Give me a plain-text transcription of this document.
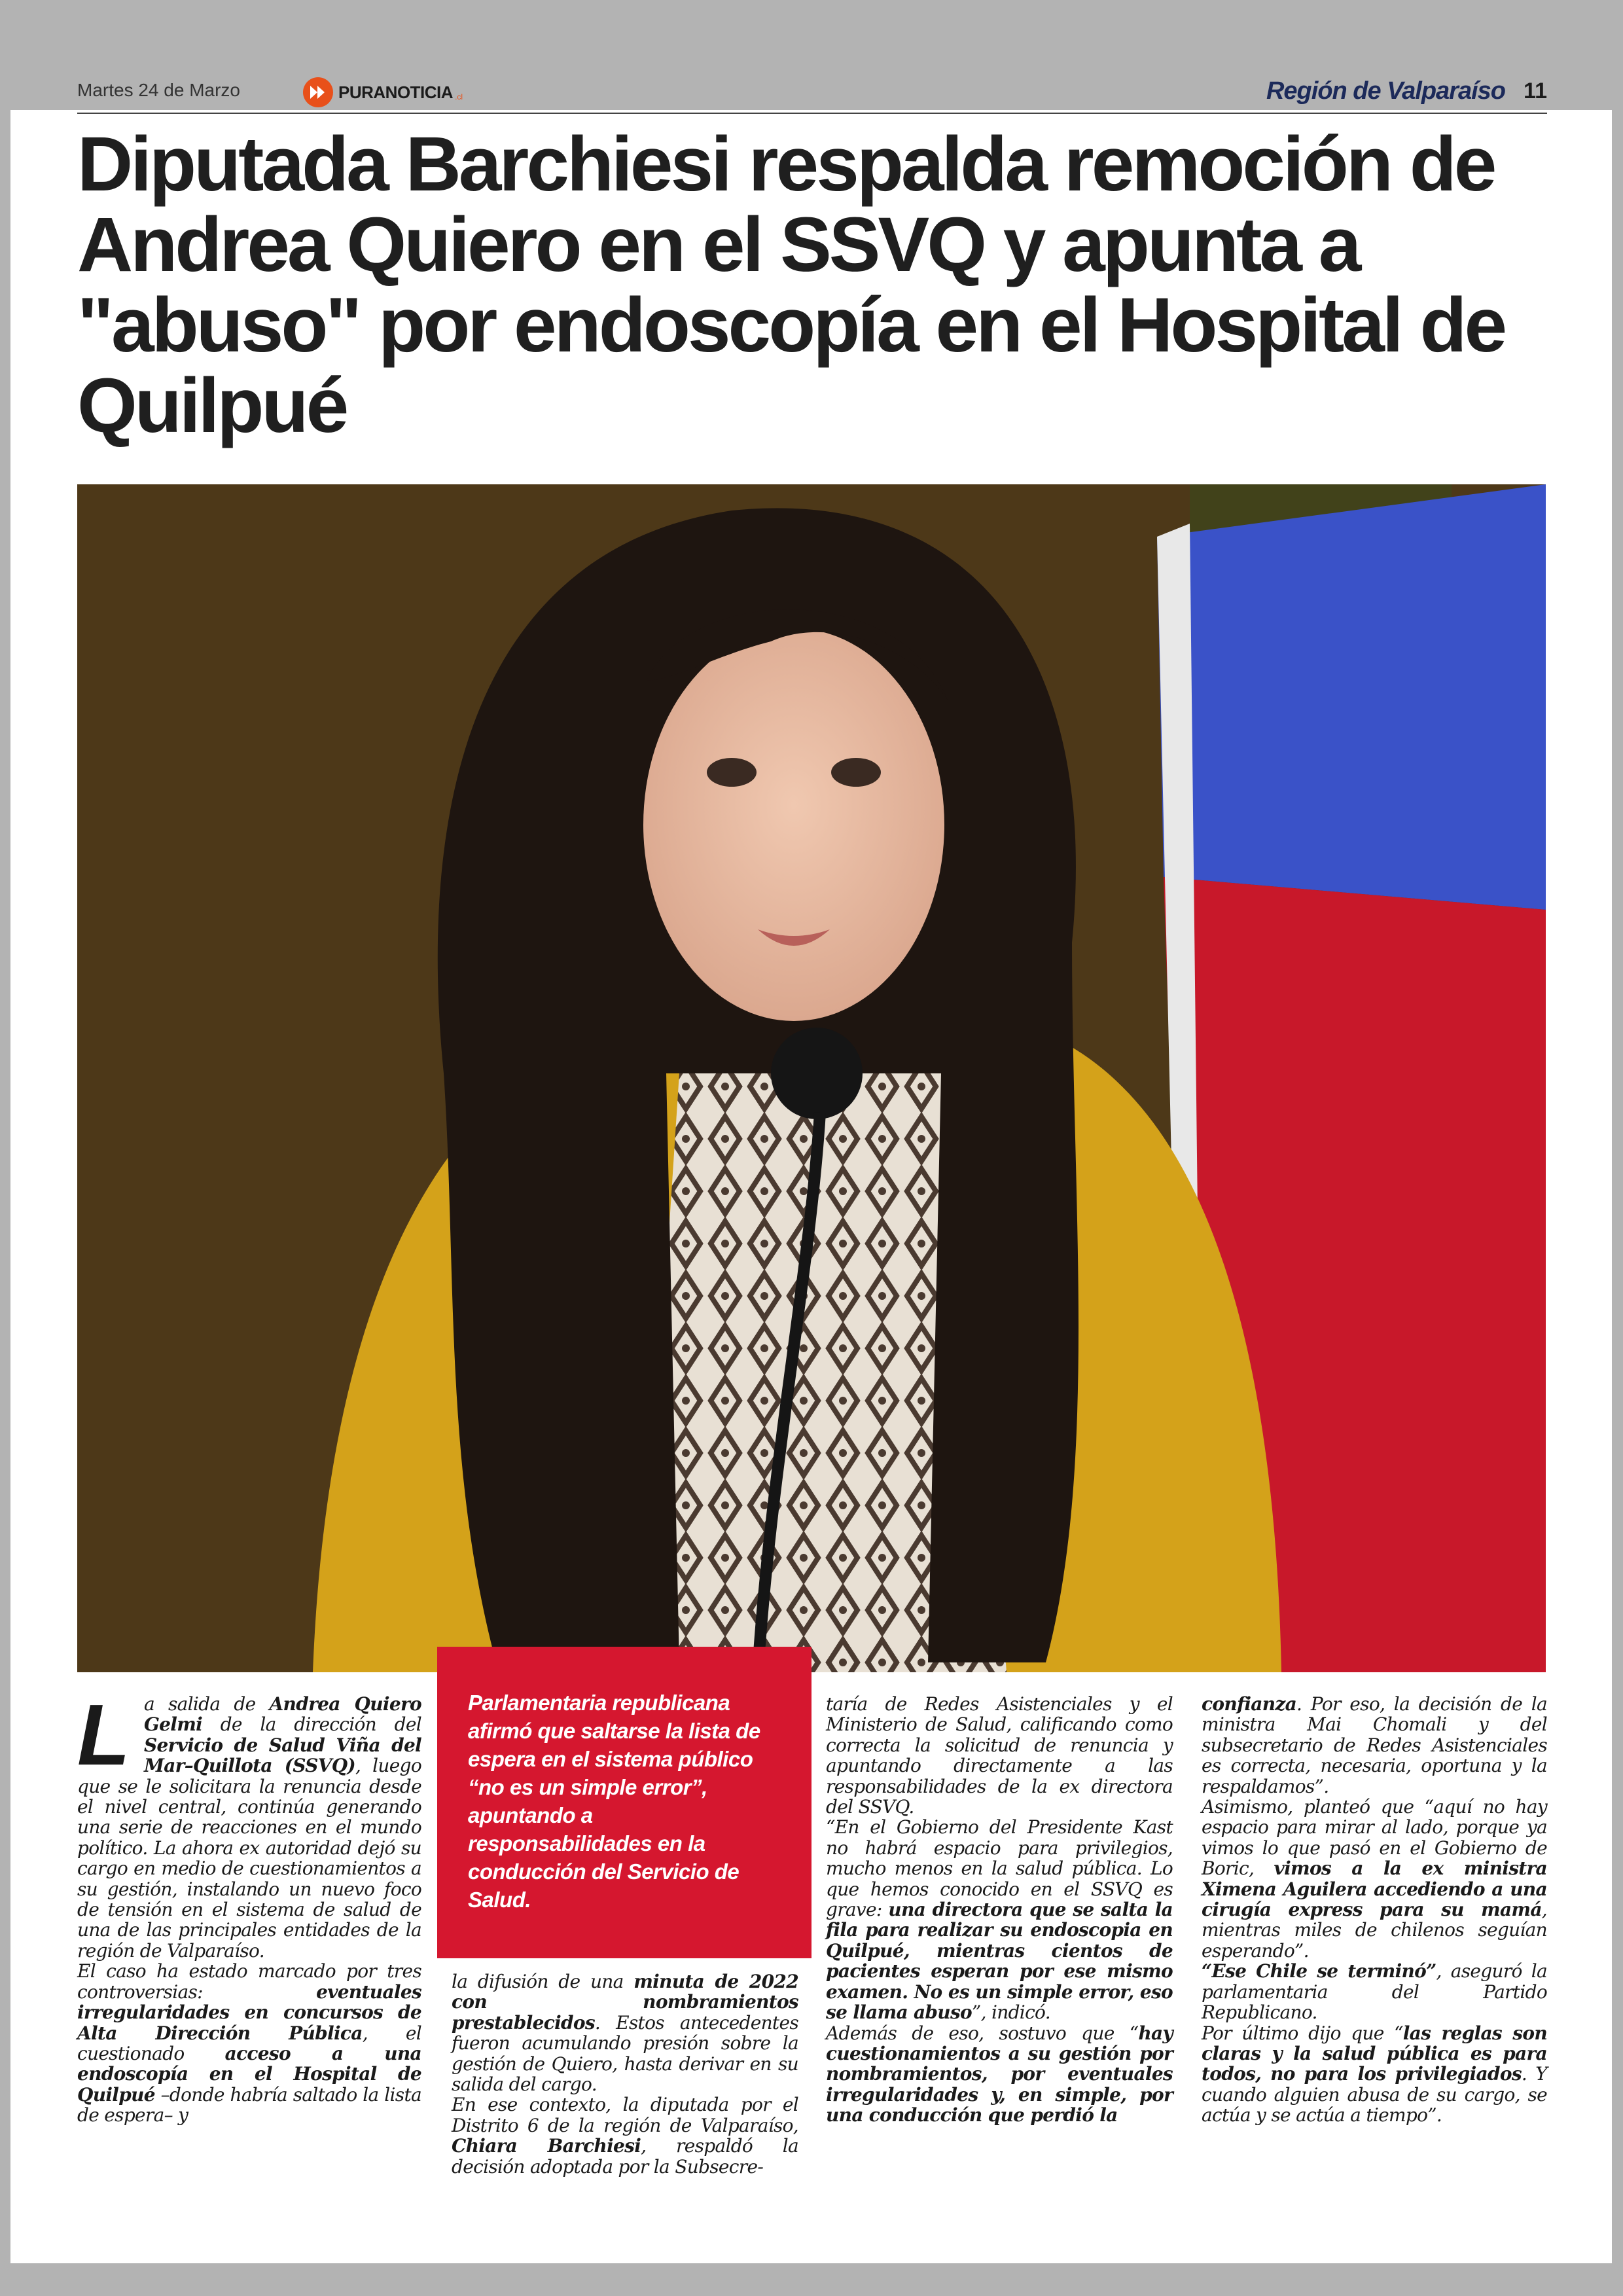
Martes 24 de Marzo	PURANOTICIA .cl	Región de Valparaíso 11
Diputada Barchiesi respalda remoción de Andrea Quiero en el SSVQ y apunta a "abuso" por endoscopía en el Hospital de Quilpué

Parlamentaria republicana afirmó que saltarse la lista de espera en el sistema público “no es un simple error”, apuntando a responsabilidades en la conducción del Servicio de Salud.

La salida de Andrea Quiero Gelmi de la dirección del Servicio de Salud Viña del Mar–Quillota (SSVQ), luego que se le solicitara la renuncia desde el nivel central, continúa generando una serie de reacciones en el mundo político. La ahora ex autoridad dejó su cargo en medio de cuestionamientos a su gestión, instalando un nuevo foco de tensión en el sistema de salud de una de las principales entidades de la región de Valparaíso.

El caso ha estado marcado por tres controversias: eventuales irregularidades en concursos de Alta Dirección Pública, el cuestionado acceso a una endoscopía en el Hospital de Quilpué –donde habría saltado la lista de espera– y

la difusión de una minuta de 2022 con nombramientos prestablecidos. Estos antecedentes fueron acumulando presión sobre la gestión de Quiero, hasta derivar en su salida del cargo.

En ese contexto, la diputada por el Distrito 6 de la región de Valparaíso, Chiara Barchiesi, respaldó la decisión adoptada por la Subsecre-

taría de Redes Asistenciales y el Ministerio de Salud, calificando como correcta la solicitud de renuncia y apuntando directamente a las responsabilidades de la ex directora del SSVQ.

“En el Gobierno del Presidente Kast no habrá espacio para privilegios, mucho menos en la salud pública. Lo que hemos conocido en el SSVQ es grave: una directora que se salta la fila para realizar su endoscopia en Quilpué, mientras cientos de pacientes esperan por ese mismo examen. No es un simple error, eso se llama abuso”, indicó.

Además de eso, sostuvo que “hay cuestionamientos a su gestión por nombramientos, por eventuales irregularidades y, en simple, por una conducción que perdió la

confianza. Por eso, la decisión de la ministra Mai Chomali y del subsecretario de Redes Asistenciales es correcta, necesaria, oportuna y la respaldamos”.

Asimismo, planteó que “aquí no hay espacio para mirar al lado, porque ya vimos lo que pasó en el Gobierno de Boric, vimos a la ex ministra Ximena Aguilera accediendo a una cirugía express para su mamá, mientras miles de chilenos seguían esperando”.

“Ese Chile se terminó”, aseguró la parlamentaria del Partido Republicano.

Por último dijo que “las reglas son claras y la salud pública es para todos, no para los privilegiados. Y cuando alguien abusa de su cargo, se actúa y se actúa a tiempo”.
